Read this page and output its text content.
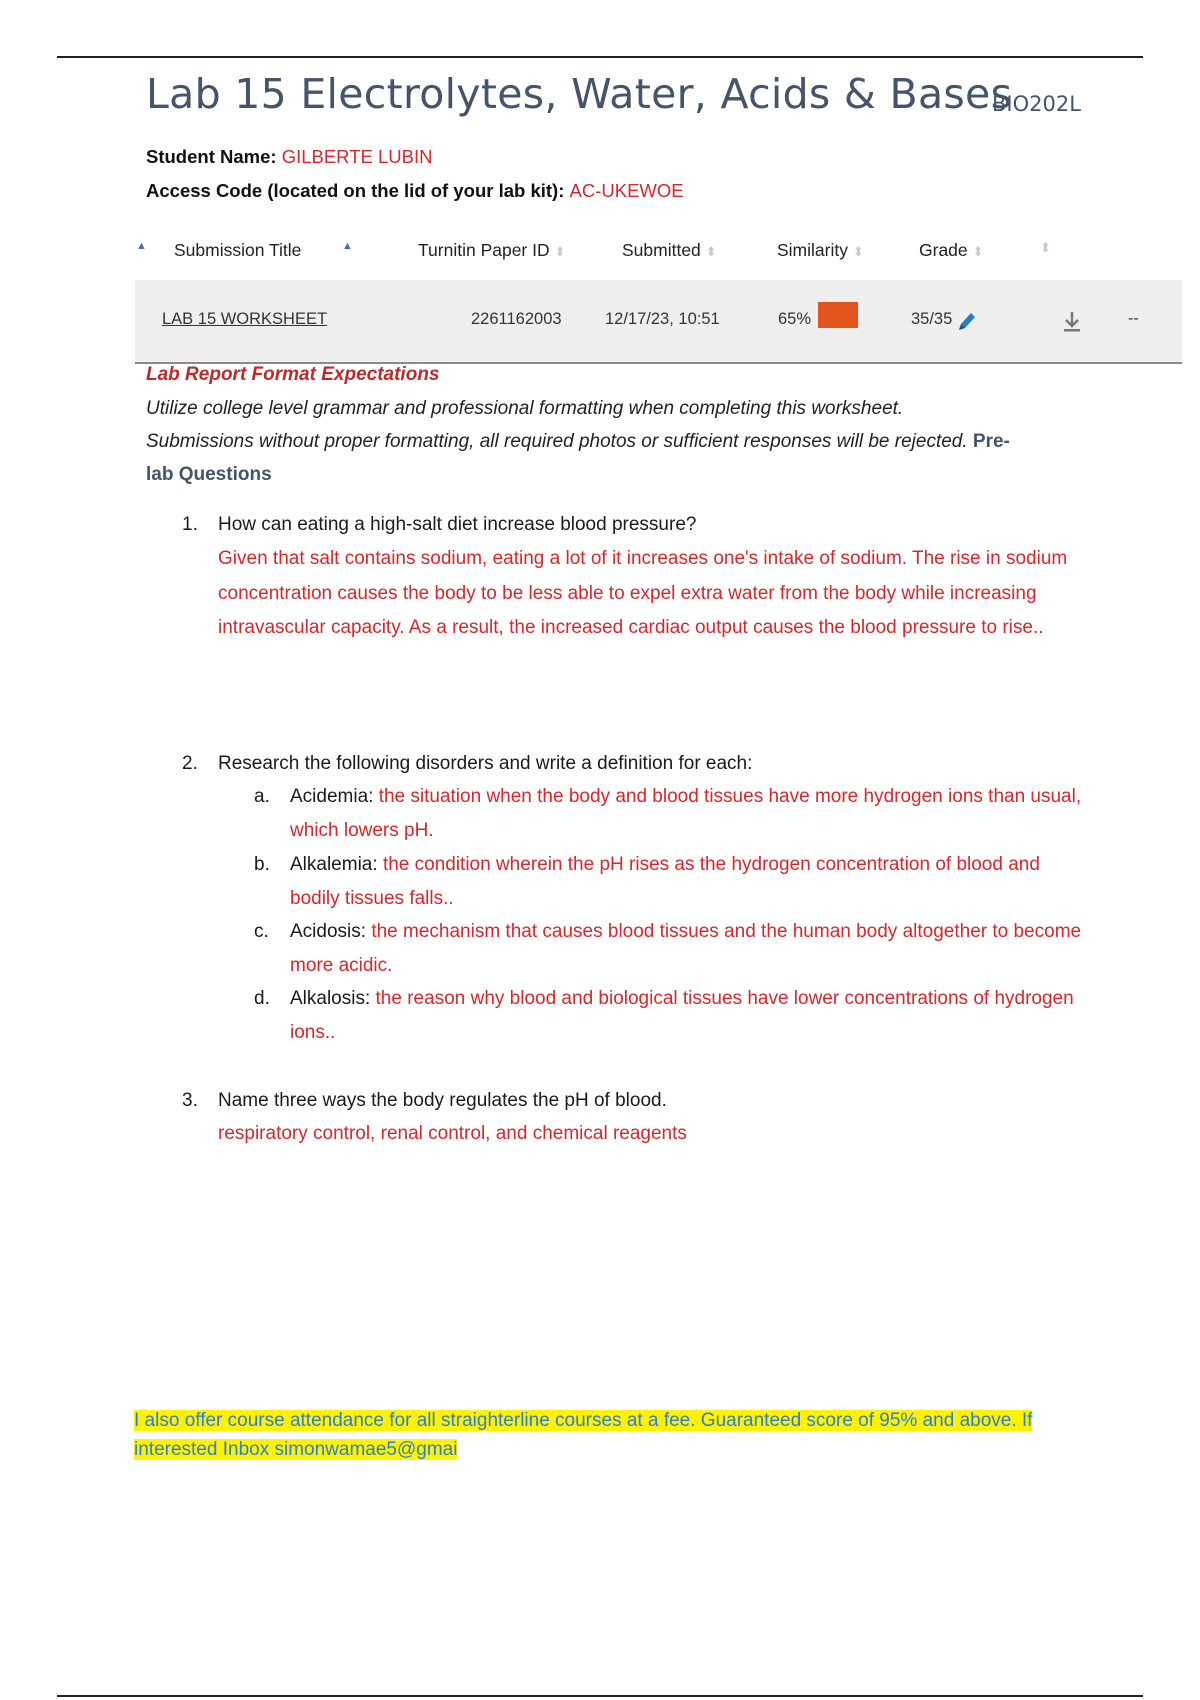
Lab 15 Electrolytes, Water, Acids & Bases
BIO202L
Student Name: GILBERTE LUBIN
Access Code (located on the lid of your lab kit): AC-UKEWOE
▲ Submission Title	▲	Turnitin Paper ID ⬍	Submitted ⬍	Similarity ⬍	Grade ⬍	⬍
LAB 15 WORKSHEET	2261162003	12/17/23, 10:51	65%	35/35	--
Lab Report Format Expectations
Utilize college level grammar and professional formatting when completing this worksheet.
Submissions without proper formatting, all required photos or sufficient responses will be rejected. Pre-
lab Questions
1. How can eating a high-salt diet increase blood pressure?
Given that salt contains sodium, eating a lot of it increases one's intake of sodium. The rise in sodium concentration causes the body to be less able to expel extra water from the body while increasing intravascular capacity. As a result, the increased cardiac output causes the blood pressure to rise..
2. Research the following disorders and write a definition for each:
a. Acidemia: the situation when the body and blood tissues have more hydrogen ions than usual, which lowers pH.
b. Alkalemia: the condition wherein the pH rises as the hydrogen concentration of blood and bodily tissues falls..
c. Acidosis: the mechanism that causes blood tissues and the human body altogether to become more acidic.
d. Alkalosis: the reason why blood and biological tissues have lower concentrations of hydrogen ions..
3. Name three ways the body regulates the pH of blood.
respiratory control, renal control, and chemical reagents
I also offer course attendance for all straighterline courses at a fee. Guaranteed score of 95% and above. If
interested Inbox simonwamae5@gmai
